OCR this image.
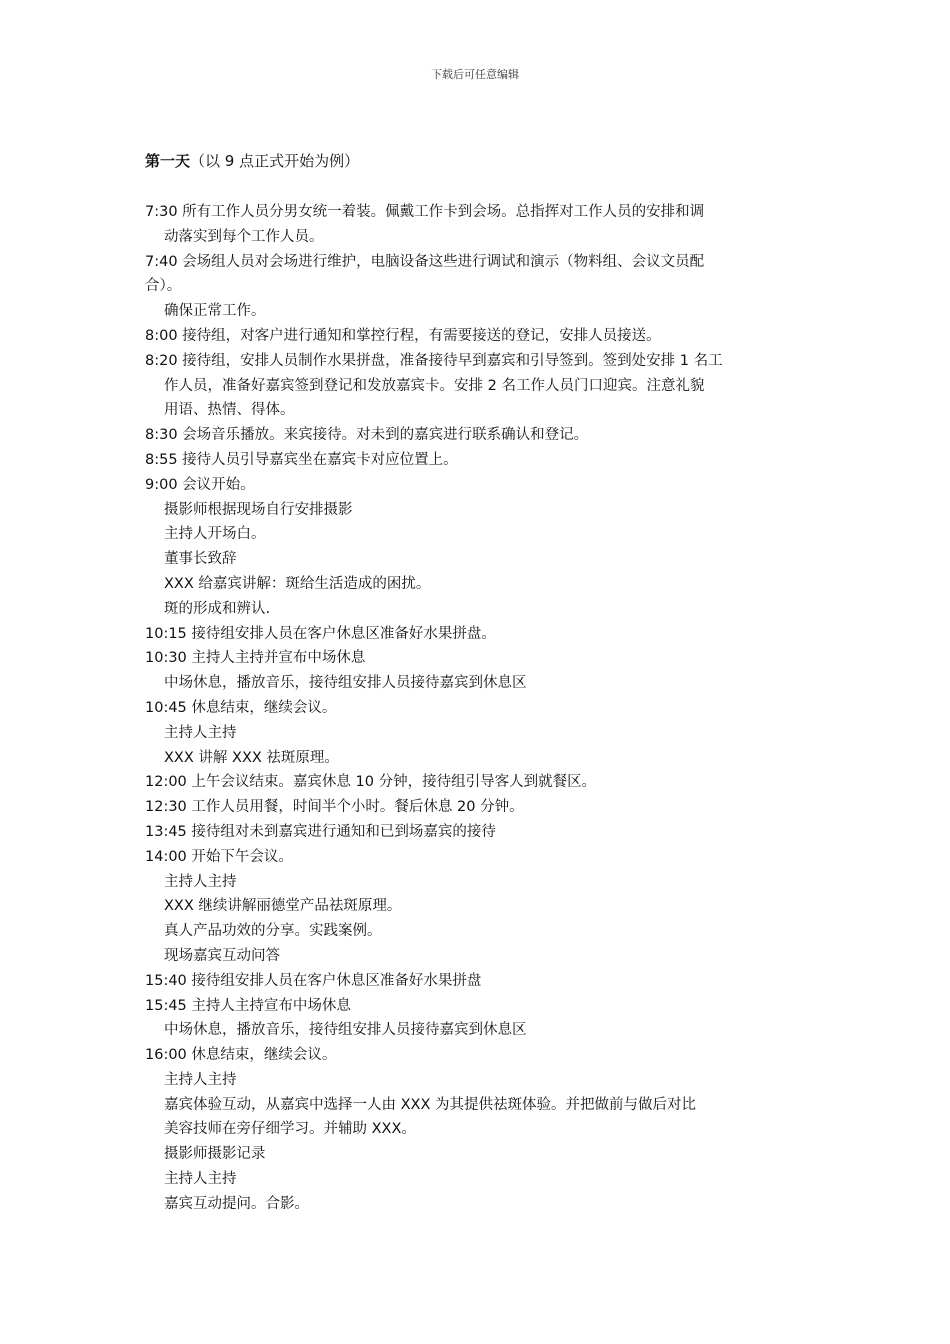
下载后可任意编辑
第一天（以 9 点正式开始为例）
7:30 所有工作人员分男女统一着装。佩戴工作卡到会场。总指挥对工作人员的安排和调
动落实到每个工作人员。
7:40 会场组人员对会场进行维护，电脑设备这些进行调试和演示（物料组、会议文员配
合）。
确保正常工作。
8:00 接待组，对客户进行通知和掌控行程，有需要接送的登记，安排人员接送。
8:20 接待组，安排人员制作水果拼盘，准备接待早到嘉宾和引导签到。签到处安排 1 名工
作人员，准备好嘉宾签到登记和发放嘉宾卡。安排 2 名工作人员门口迎宾。注意礼貌
用语、热情、得体。
8:30 会场音乐播放。来宾接待。对未到的嘉宾进行联系确认和登记。
8:55 接待人员引导嘉宾坐在嘉宾卡对应位置上。
9:00 会议开始。
摄影师根据现场自行安排摄影
主持人开场白。
董事长致辞
XXX 给嘉宾讲解：斑给生活造成的困扰。
斑的形成和辨认.
10:15 接待组安排人员在客户休息区准备好水果拼盘。
10:30 主持人主持并宣布中场休息
中场休息，播放音乐，接待组安排人员接待嘉宾到休息区
10:45 休息结束，继续会议。
主持人主持
XXX 讲解 XXX 祛斑原理。
12:00 上午会议结束。嘉宾休息 10 分钟，接待组引导客人到就餐区。
12:30 工作人员用餐，时间半个小时。餐后休息 20 分钟。
13:45 接待组对未到嘉宾进行通知和已到场嘉宾的接待
14:00 开始下午会议。
主持人主持
XXX 继续讲解丽德堂产品祛斑原理。
真人产品功效的分享。实践案例。
现场嘉宾互动问答
15:40 接待组安排人员在客户休息区准备好水果拼盘
15:45 主持人主持宣布中场休息
中场休息，播放音乐，接待组安排人员接待嘉宾到休息区
16:00 休息结束，继续会议。
主持人主持
嘉宾体验互动，从嘉宾中选择一人由 XXX 为其提供祛斑体验。并把做前与做后对比
美容技师在旁仔细学习。并辅助 XXX。
摄影师摄影记录
主持人主持
嘉宾互动提问。合影。
